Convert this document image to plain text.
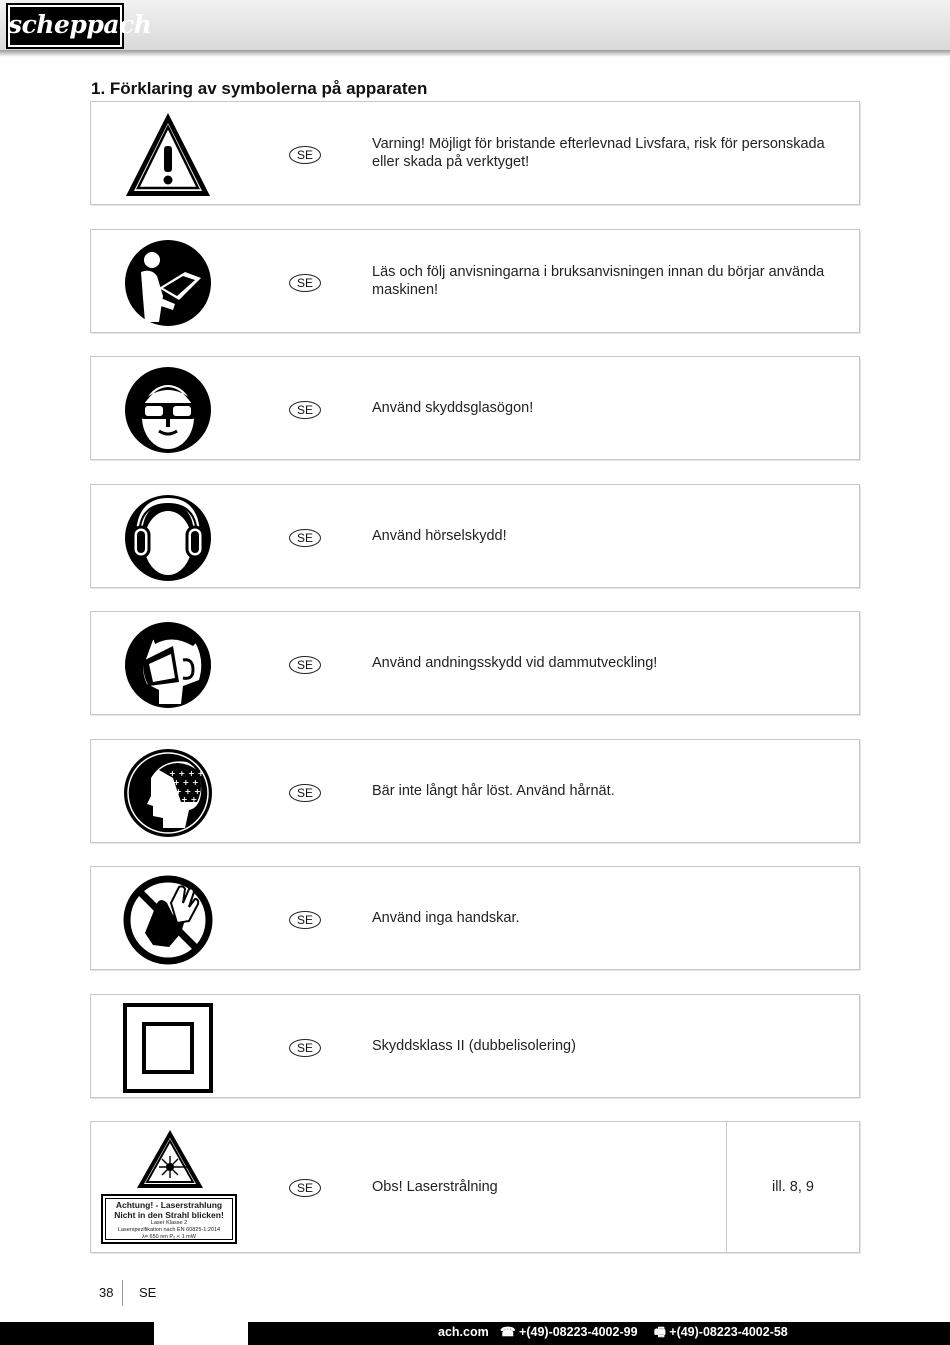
scheppach
1. Förklaring av symbolerna på apparaten
SE
Varning! Möjligt för bristande efterlevnad Livsfara, risk för personskada eller skada på verktyget!
SE
Läs och följ anvisningarna i bruksanvisningen innan du börjar använda maskinen!
SE	Använd skyddsglasögon!
SE	Använd hörselskydd!
SE	Använd andningsskydd vid dammutveckling!
+ + + +
+ + +
+ + +
+ +	SE	Bär inte långt hår löst. Använd hårnät.
SE	Använd inga handskar.
SE	Skyddsklass II (dubbelisolering)
Achtung! - Laserstrahlung
Nicht in den Strahl blicken!
Laser Klasse 2
Laserspezifikation nach EN 60825-1:2014
λ= 650 nm P₀ < 1 mW
SE	Obs! Laserstrålning	ill. 8, 9
38 SE
ach.com ☎ +(49)-08223-4002-99 🖷 +(49)-08223-4002-58
